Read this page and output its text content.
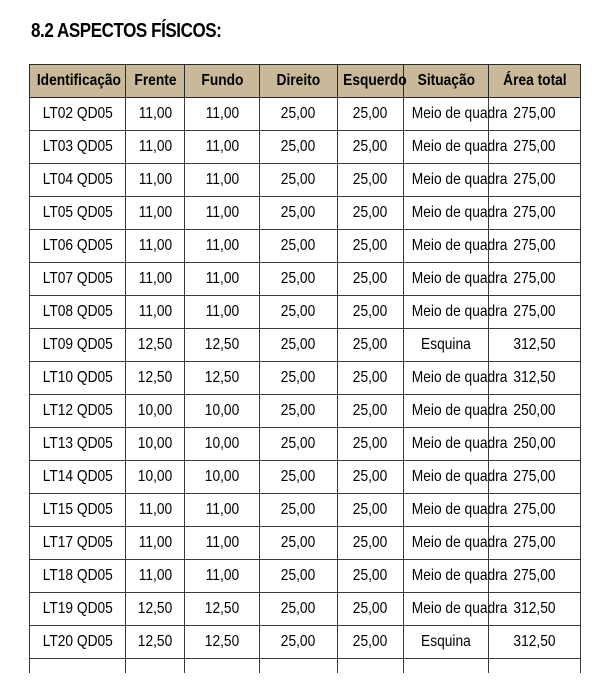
8.2 ASPECTOS FÍSICOS:
Identificação	Frente	Fundo	Direito	Esquerdo	Situação	Área total
LT02 QD05	11,00	11,00	25,00	25,00	Meio de quadra	275,00
LT03 QD05	11,00	11,00	25,00	25,00	Meio de quadra	275,00
LT04 QD05	11,00	11,00	25,00	25,00	Meio de quadra	275,00
LT05 QD05	11,00	11,00	25,00	25,00	Meio de quadra	275,00
LT06 QD05	11,00	11,00	25,00	25,00	Meio de quadra	275,00
LT07 QD05	11,00	11,00	25,00	25,00	Meio de quadra	275,00
LT08 QD05	11,00	11,00	25,00	25,00	Meio de quadra	275,00
LT09 QD05	12,50	12,50	25,00	25,00	Esquina	312,50
LT10 QD05	12,50	12,50	25,00	25,00	Meio de quadra	312,50
LT12 QD05	10,00	10,00	25,00	25,00	Meio de quadra	250,00
LT13 QD05	10,00	10,00	25,00	25,00	Meio de quadra	250,00
LT14 QD05	10,00	10,00	25,00	25,00	Meio de quadra	275,00
LT15 QD05	11,00	11,00	25,00	25,00	Meio de quadra	275,00
LT17 QD05	11,00	11,00	25,00	25,00	Meio de quadra	275,00
LT18 QD05	11,00	11,00	25,00	25,00	Meio de quadra	275,00
LT19 QD05	12,50	12,50	25,00	25,00	Meio de quadra	312,50
LT20 QD05	12,50	12,50	25,00	25,00	Esquina	312,50
